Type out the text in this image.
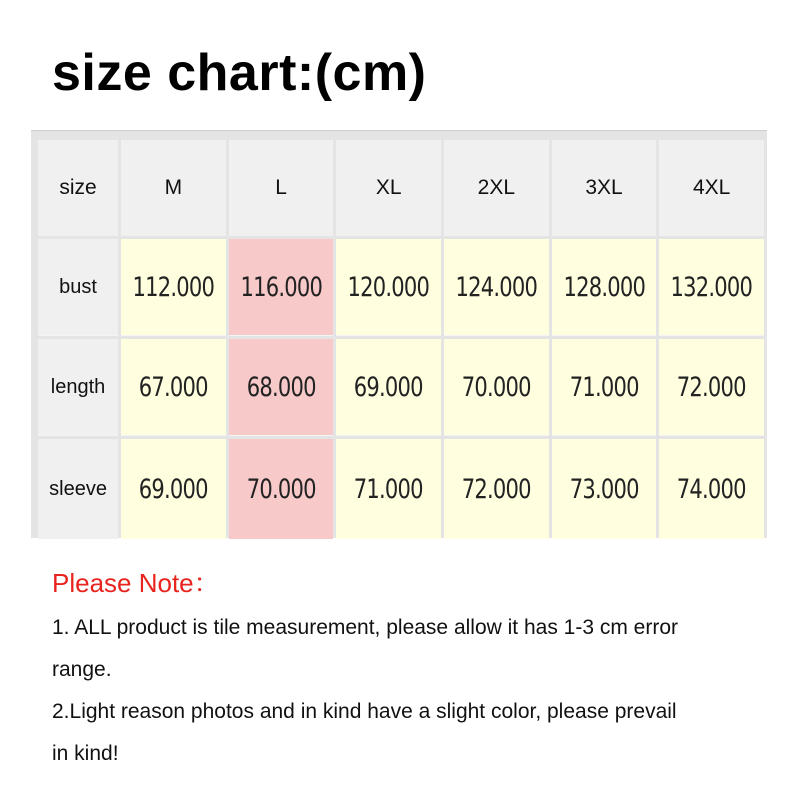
size chart:(cm)
size	M	L	XL	2XL	3XL	4XL
bust	112.000	116.000	120.000	124.000	128.000	132.000
length	67.000	68.000	69.000	70.000	71.000	72.000
sleeve	69.000	70.000	71.000	72.000	73.000	74.000

Please Note：

1. ALL product is tile measurement, please allow it has 1-3 cm error

range.

2.Light reason photos and in kind have a slight color, please prevail

in kind!
